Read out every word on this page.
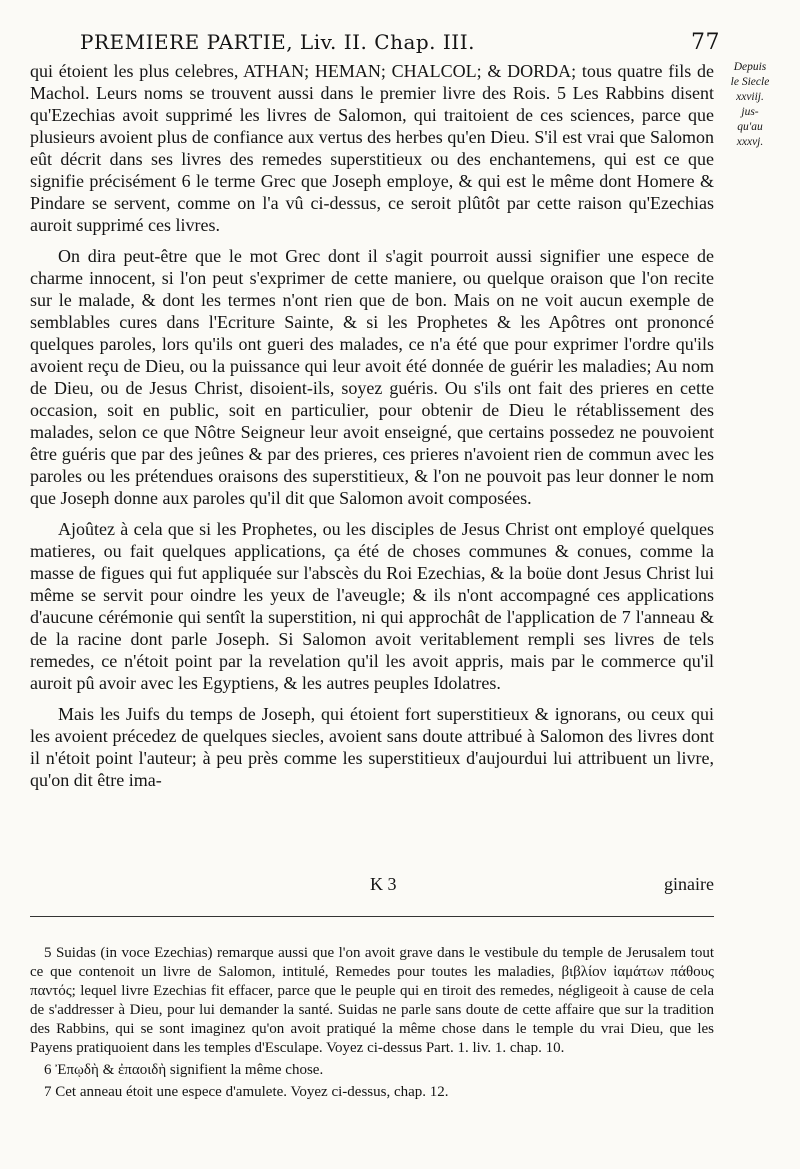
PREMIERE PARTIE, Liv. II. Chap. III.	77
Depuis
le Siecle
xxviij.
jus-
qu'au
xxxvj.

qui étoient les plus celebres, ATHAN; HEMAN; CHALCOL; & DORDA; tous quatre fils de Machol. Leurs noms se trouvent aussi dans le premier livre des Rois. 5 Les Rabbins disent qu'Ezechias avoit supprimé les livres de Salomon, qui traitoient de ces sciences, parce que plusieurs avoient plus de confiance aux vertus des herbes qu'en Dieu. S'il est vrai que Salomon eût décrit dans ses livres des remedes superstitieux ou des enchantemens, qui est ce que signifie précisément 6 le terme Grec que Joseph employe, & qui est le même dont Homere & Pindare se servent, comme on l'a vû ci-dessus, ce seroit plûtôt par cette raison qu'Ezechias auroit supprimé ces livres.

On dira peut-être que le mot Grec dont il s'agit pourroit aussi signifier une espece de charme innocent, si l'on peut s'exprimer de cette maniere, ou quelque oraison que l'on recite sur le malade, & dont les termes n'ont rien que de bon. Mais on ne voit aucun exemple de semblables cures dans l'Ecriture Sainte, & si les Prophetes & les Apôtres ont prononcé quelques paroles, lors qu'ils ont gueri des malades, ce n'a été que pour exprimer l'ordre qu'ils avoient reçu de Dieu, ou la puissance qui leur avoit été donnée de guérir les maladies; Au nom de Dieu, ou de Jesus Christ, disoient-ils, soyez guéris. Ou s'ils ont fait des prieres en cette occasion, soit en public, soit en particulier, pour obtenir de Dieu le rétablissement des malades, selon ce que Nôtre Seigneur leur avoit enseigné, que certains possedez ne pouvoient être guéris que par des jeûnes & par des prieres, ces prieres n'avoient rien de commun avec les paroles ou les prétendues oraisons des superstitieux, & l'on ne pouvoit pas leur donner le nom que Joseph donne aux paroles qu'il dit que Salomon avoit composées.

Ajoûtez à cela que si les Prophetes, ou les disciples de Jesus Christ ont employé quelques matieres, ou fait quelques applications, ça été de choses communes & conues, comme la masse de figues qui fut appliquée sur l'abscès du Roi Ezechias, & la boüe dont Jesus Christ lui même se servit pour oindre les yeux de l'aveugle; & ils n'ont accompagné ces applications d'aucune cérémonie qui sentît la superstition, ni qui approchât de l'application de 7 l'anneau & de la racine dont parle Joseph. Si Salomon avoit veritablement rempli ses livres de tels remedes, ce n'étoit point par la revelation qu'il les avoit appris, mais par le commerce qu'il auroit pû avoir avec les Egyptiens, & les autres peuples Idolatres.

Mais les Juifs du temps de Joseph, qui étoient fort superstitieux & ignorans, ou ceux qui les avoient précedez de quelques siecles, avoient sans doute attribué à Salomon des livres dont il n'étoit point l'auteur; à peu près comme les superstitieux d'aujourdui lui attribuent un livre, qu'on dit être ima-

K 3	ginaire

5 Suidas (in voce Ezechias) remarque aussi que l'on avoit grave dans le vestibule du temple de Jerusalem tout ce que contenoit un livre de Salomon, intitulé, Remedes pour toutes les maladies, βιβλίον ἰαμάτων πάθους παντός; lequel livre Ezechias fit effacer, parce que le peuple qui en tiroit des remedes, négligeoit à cause de cela de s'addresser à Dieu, pour lui demander la santé. Suidas ne parle sans doute de cette affaire que sur la tradition des Rabbins, qui se sont imaginez qu'on avoit pratiqué la même chose dans le temple du vrai Dieu, que les Payens pratiquoient dans les temples d'Esculape. Voyez ci-dessus Part. 1. liv. 1. chap. 10.

6 Ἐπῳδὴ & ἐπαοιδὴ signifient la même chose.

7 Cet anneau étoit une espece d'amulete. Voyez ci-dessus, chap. 12.
